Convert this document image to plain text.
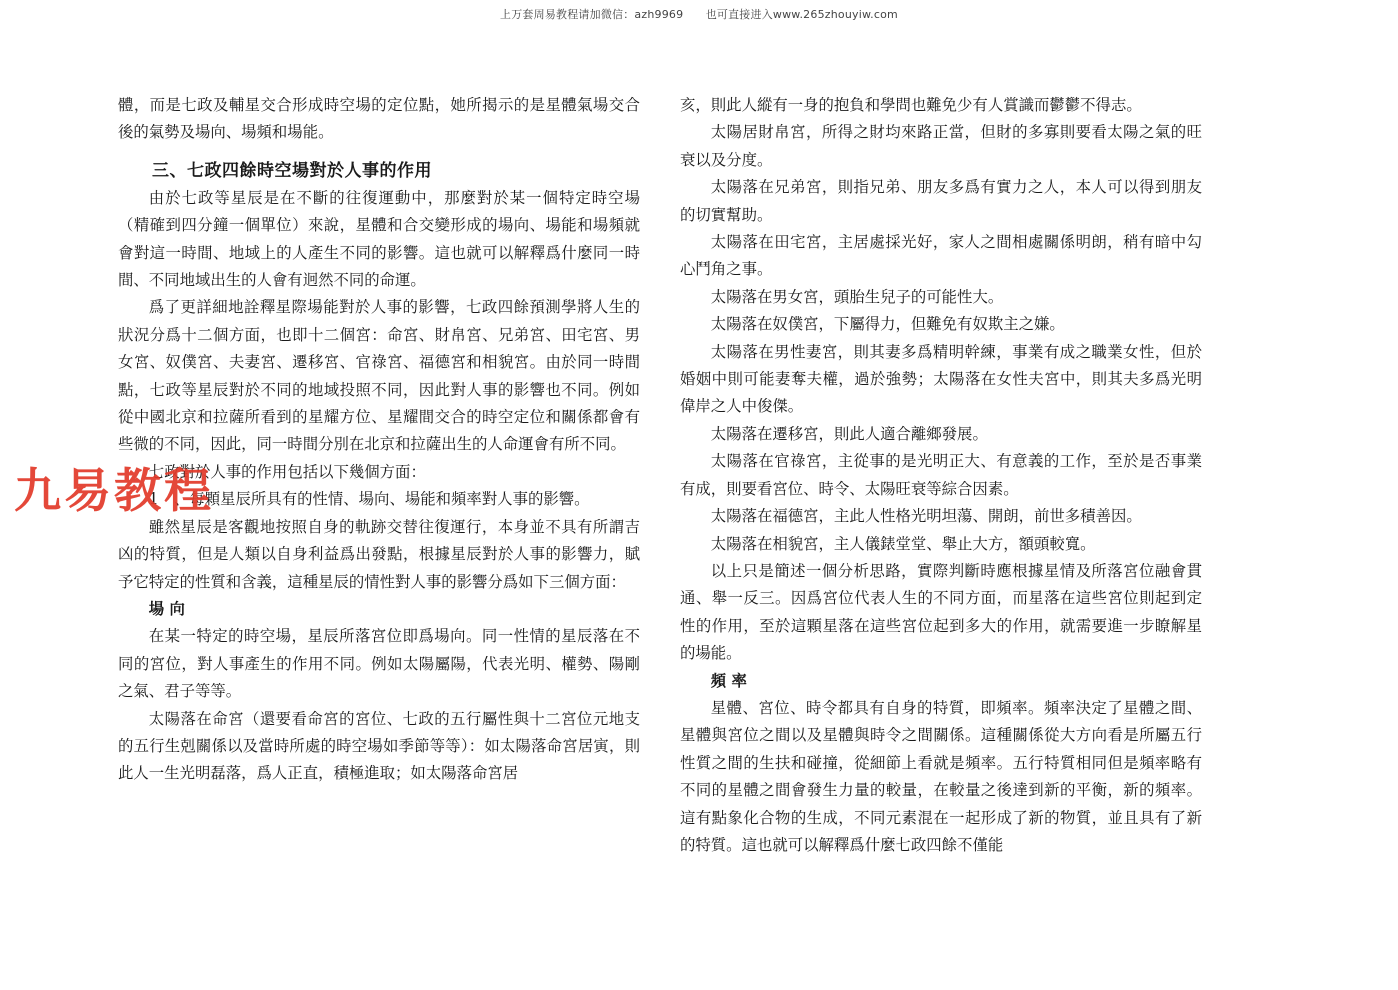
上万套周易教程请加微信：azh9969　　也可直接进入www.265zhouyiw.com

體，而是七政及輔星交合形成時空場的定位點，她所揭示的是星體氣場交合後的氣勢及場向、場頻和場能。

三、七政四餘時空場對於人事的作用

由於七政等星辰是在不斷的往復運動中，那麼對於某一個特定時空場（精確到四分鐘一個單位）來說，星體和合交變形成的場向、場能和場頻就會對這一時間、地域上的人產生不同的影響。這也就可以解釋爲什麼同一時間、不同地域出生的人會有迥然不同的命運。

爲了更詳細地詮釋星際場能對於人事的影響，七政四餘預測學將人生的狀況分爲十二個方面，也即十二個宮：命宮、財帛宮、兄弟宮、田宅宮、男女宮、奴僕宮、夫妻宮、遷移宮、官祿宮、福德宮和相貌宮。由於同一時間點，七政等星辰對於不同的地域投照不同，因此對人事的影響也不同。例如從中國北京和拉薩所看到的星耀方位、星耀間交合的時空定位和關係都會有些微的不同，因此，同一時間分別在北京和拉薩出生的人命運會有所不同。

七政對於人事的作用包括以下幾個方面：

1　、每顆星辰所具有的性情、場向、場能和頻率對人事的影響。

雖然星辰是客觀地按照自身的軌跡交替往復運行，本身並不具有所謂吉凶的特質，但是人類以自身利益爲出發點，根據星辰對於人事的影響力，賦予它特定的性質和含義，這種星辰的情性對人事的影響分爲如下三個方面：

場 向

在某一特定的時空場，星辰所落宮位即爲場向。同一性情的星辰落在不同的宮位，對人事產生的作用不同。例如太陽屬陽，代表光明、權勢、陽剛之氣、君子等等。

太陽落在命宮（還要看命宮的宮位、七政的五行屬性與十二宮位元地支的五行生剋關係以及當時所處的時空場如季節等等）：如太陽落命宮居寅，則此人一生光明磊落，爲人正直，積極進取；如太陽落命宮居

亥，則此人縱有一身的抱負和學問也難免少有人賞識而鬱鬱不得志。

太陽居財帛宮，所得之財均來路正當，但財的多寡則要看太陽之氣的旺衰以及分度。

太陽落在兄弟宮，則指兄弟、朋友多爲有實力之人，本人可以得到朋友的切實幫助。

太陽落在田宅宮，主居處採光好，家人之間相處關係明朗，稍有暗中勾心鬥角之事。

太陽落在男女宮，頭胎生兒子的可能性大。

太陽落在奴僕宮，下屬得力，但難免有奴欺主之嫌。

太陽落在男性妻宮，則其妻多爲精明幹練，事業有成之職業女性，但於婚姻中則可能妻奪夫權，過於強勢；太陽落在女性夫宮中，則其夫多爲光明偉岸之人中俊傑。

太陽落在遷移宮，則此人適合離鄉發展。

太陽落在官祿宮，主從事的是光明正大、有意義的工作，至於是否事業有成，則要看宮位、時令、太陽旺衰等綜合因素。

太陽落在福德宮，主此人性格光明坦蕩、開朗，前世多積善因。

太陽落在相貌宮，主人儀錶堂堂、舉止大方，額頭較寬。

以上只是簡述一個分析思路，實際判斷時應根據星情及所落宮位融會貫通、舉一反三。因爲宮位代表人生的不同方面，而星落在這些宮位則起到定性的作用，至於這顆星落在這些宮位起到多大的作用，就需要進一步瞭解星的場能。

頻 率

星體、宮位、時令都具有自身的特質，即頻率。頻率決定了星體之間、星體與宮位之間以及星體與時令之間關係。這種關係從大方向看是所屬五行性質之間的生扶和碰撞，從細節上看就是頻率。五行特質相同但是頻率略有不同的星體之間會發生力量的較量，在較量之後達到新的平衡，新的頻率。這有點象化合物的生成，不同元素混在一起形成了新的物質，並且具有了新的特質。這也就可以解釋爲什麼七政四餘不僅能

九易教程
